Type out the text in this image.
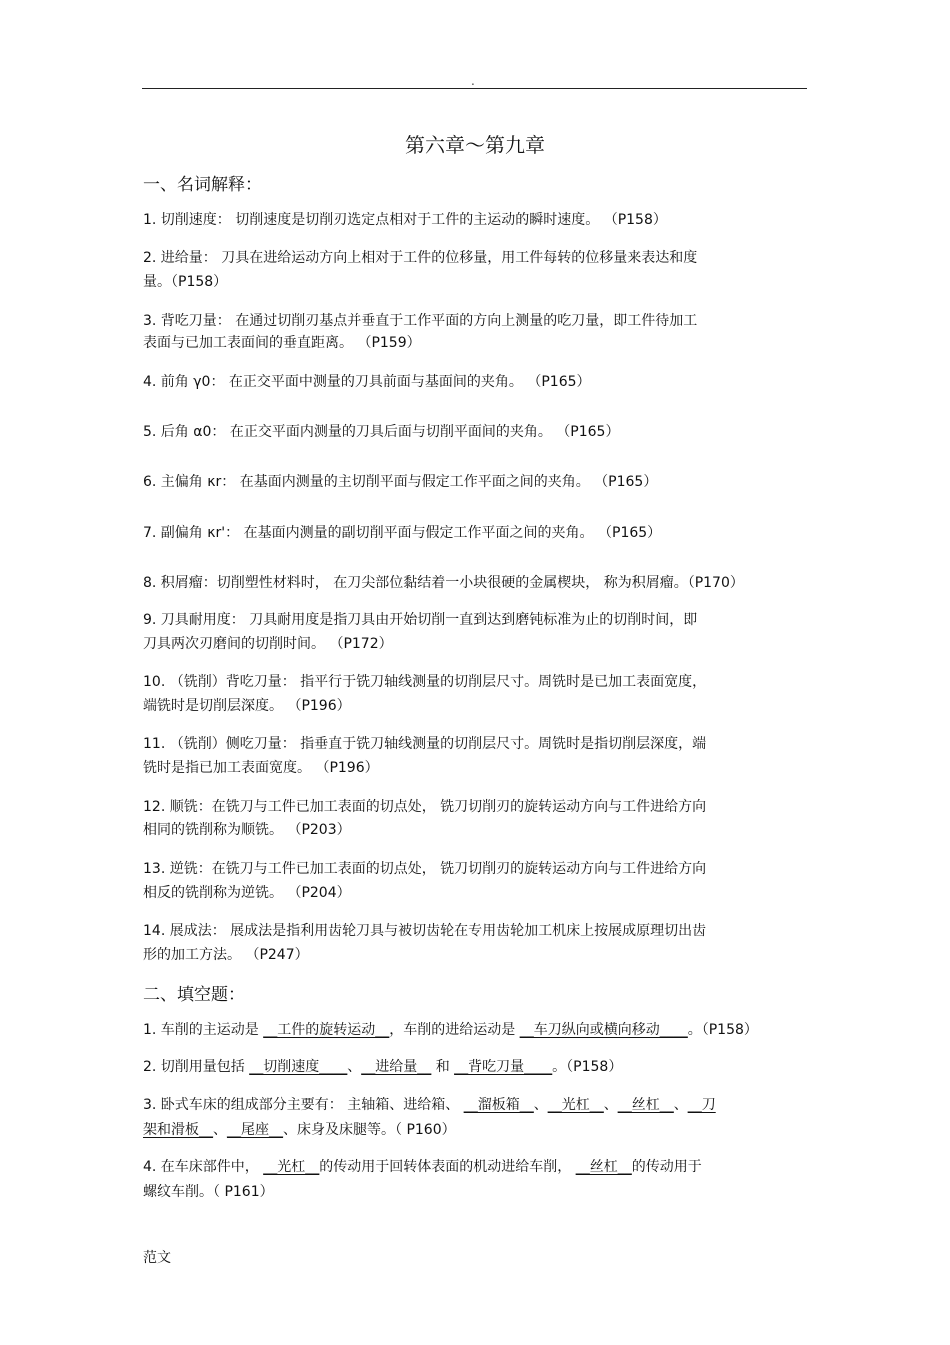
.
第六章～第九章
一、名词解释：
1. 切削速度： 切削速度是切削刃选定点相对于工件的主运动的瞬时速度。 （P158）
2. 进给量： 刀具在进给运动方向上相对于工件的位移量，用工件每转的位移量来表达和度
量。（P158）
3. 背吃刀量： 在通过切削刃基点并垂直于工作平面的方向上测量的吃刀量，即工件待加工
表面与已加工表面间的垂直距离。 （P159）
4. 前角 γ0： 在正交平面中测量的刀具前面与基面间的夹角。 （P165）
5. 后角 α0： 在正交平面内测量的刀具后面与切削平面间的夹角。 （P165）
6. 主偏角 κr： 在基面内测量的主切削平面与假定工作平面之间的夹角。 （P165）
7. 副偏角 κr'： 在基面内测量的副切削平面与假定工作平面之间的夹角。 （P165）
8. 积屑瘤：切削塑性材料时， 在刀尖部位黏结着一小块很硬的金属楔块， 称为积屑瘤。（P170）
9. 刀具耐用度： 刀具耐用度是指刀具由开始切削一直到达到磨钝标准为止的切削时间，即
刀具两次刃磨间的切削时间。 （P172）
10. （铣削）背吃刀量： 指平行于铣刀轴线测量的切削层尺寸。周铣时是已加工表面宽度，
端铣时是切削层深度。 （P196）
11. （铣削）侧吃刀量： 指垂直于铣刀轴线测量的切削层尺寸。周铣时是指切削层深度，端
铣时是指已加工表面宽度。 （P196）
12. 顺铣：在铣刀与工件已加工表面的切点处， 铣刀切削刃的旋转运动方向与工件进给方向
相同的铣削称为顺铣。 （P203）
13. 逆铣：在铣刀与工件已加工表面的切点处， 铣刀切削刃的旋转运动方向与工件进给方向
相反的铣削称为逆铣。 （P204）
14. 展成法： 展成法是指利用齿轮刀具与被切齿轮在专用齿轮加工机床上按展成原理切出齿
形的加工方法。 （P247）
二、填空题：
1. 车削的主运动是 __工件的旋转运动__，车削的进给运动是 __车刀纵向或横向移动____。（P158）
2. 切削用量包括 __切削速度____、__进给量__ 和 __背吃刀量____。（P158）
3. 卧式车床的组成部分主要有： 主轴箱、进给箱、 __溜板箱__、__光杠__、__丝杠__、__刀
架和滑板__、__尾座__、床身及床腿等。（ P160）
4. 在车床部件中， __光杠__的传动用于回转体表面的机动进给车削， __丝杠__的传动用于
螺纹车削。（ P161）
范文
